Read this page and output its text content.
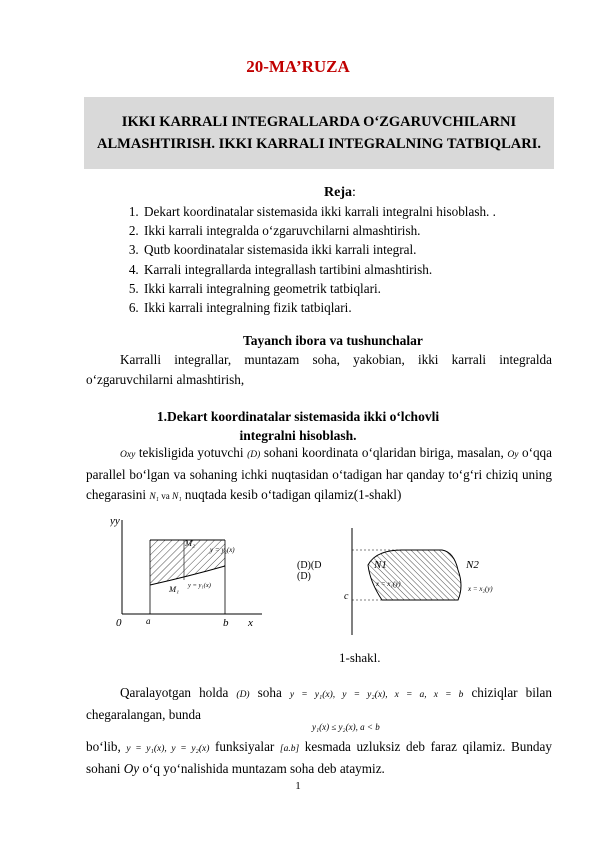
20-MA’RUZA
IKKI KARRALI INTEGRALLARDA O‘ZGARUVCHILARNI
ALMASHTIRISH. IKKI KARRALI INTEGRALNING TATBIQLARI.
Reja:
1. Dekart koordinatalar sistemasida ikki karrali integralni hisoblash. .
2. Ikki karrali integralda o‘zgaruvchilarni almashtirish.
3. Qutb koordinatalar sistemasida ikki karrali integral.
4. Karrali integrallarda integrallash tartibini almashtirish.
5. Ikki karrali integralning geometrik tatbiqlari.
6. Ikki karrali integralning fizik tatbiqlari.
Tayanch ibora va tushunchalar
Karralli integrallar, muntazam soha, yakobian, ikki karrali integralda o‘zgaruvchilarni almashtirish,
1.Dekart koordinatalar sistemasida ikki o‘lchovli
integralni hisoblash.
Oxy tekisligida yotuvchi (D) sohani koordinata o‘qlaridan biriga, masalan, Oy o‘qqa parallel bo‘lgan va sohaning ichki nuqtasidan o‘tadigan har qanday to‘g‘ri chiziq uning chegarasini N₁ va N₁ nuqtada kesib o‘tadigan qilamiz(1-shakl)
yy
0	x
a	b
M₂
M₁
y = y₂(x)
y = y₁(x)
(D)(D
(D)
N1	N2
c
x = x₁(y)
x = x₂(y)
1-shakl.
Qaralayotgan holda (D) soha y = y₁(x), y = y₂(x), x = a, x = b chiziqlar bilan chegaralangan, bunda
y₁(x) ≤ y₂(x), a < b
bo‘lib, y = y₁(x), y = y₂(x) funksiyalar [a.b] kesmada uzluksiz deb faraz qilamiz. Bunday sohani Oy o‘q yo‘nalishida muntazam soha deb ataymiz.
1
